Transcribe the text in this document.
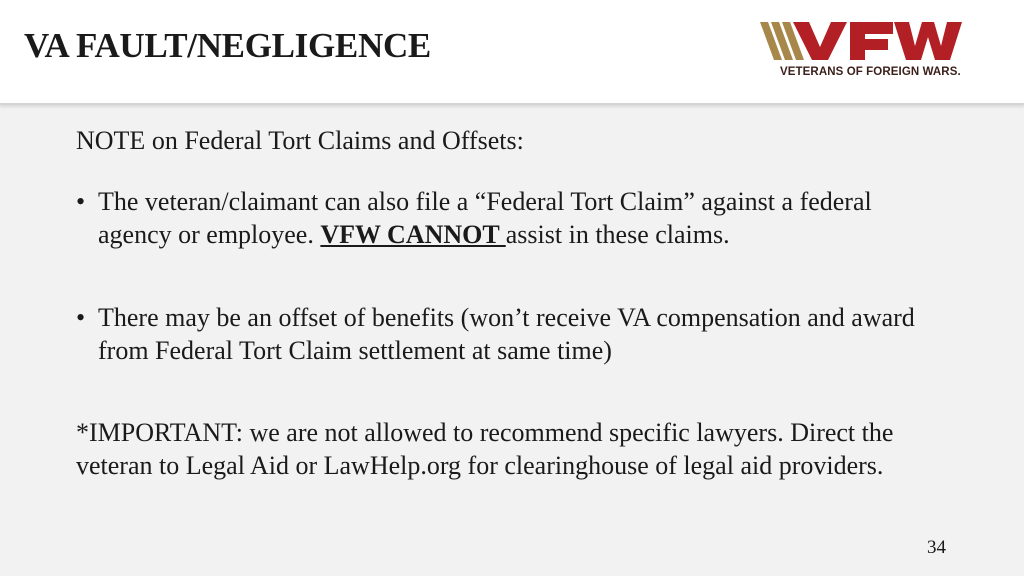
VA FAULT/NEGLIGENCE
VETERANS OF FOREIGN WARS.

NOTE on Federal Tort Claims and Offsets:

• The veteran/claimant can also file a “Federal Tort Claim” against a federal agency or employee. VFW CANNOT assist in these claims.
• There may be an offset of benefits (won’t receive VA compensation and award from Federal Tort Claim settlement at same time)

*IMPORTANT: we are not allowed to recommend specific lawyers. Direct the veteran to Legal Aid or LawHelp.org for clearinghouse of legal aid providers.

34
